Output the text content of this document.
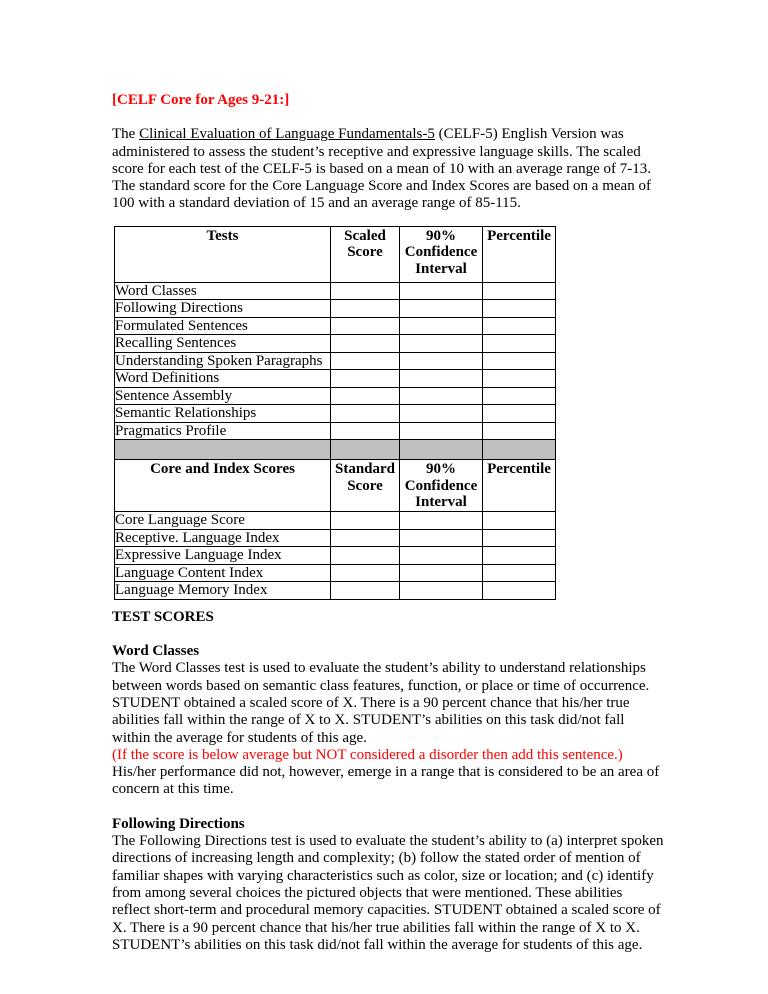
[CELF Core for Ages 9-21:]

The Clinical Evaluation of Language Fundamentals-5 (CELF-5) English Version was administered to assess the student’s receptive and expressive language skills. The scaled score for each test of the CELF-5 is based on a mean of 10 with an average range of 7-13. The standard score for the Core Language Score and Index Scores are based on a mean of 100 with a standard deviation of 15 and an average range of 85-115.

Tests	Scaled Score	90% Confidence Interval	Percentile
Word Classes			
Following Directions			
Formulated Sentences			
Recalling Sentences			
Understanding Spoken Paragraphs			
Word Definitions			
Sentence Assembly			
Semantic Relationships			
Pragmatics Profile			

Core and Index Scores	Standard Score	90% Confidence Interval	Percentile
Core Language Score			
Receptive. Language Index			
Expressive Language Index			
Language Content Index			
Language Memory Index			
TEST SCORES
Word Classes

The Word Classes test is used to evaluate the student’s ability to understand relationships between words based on semantic class features, function, or place or time of occurrence. STUDENT obtained a scaled score of X. There is a 90 percent chance that his/her true abilities fall within the range of X to X. STUDENT’s abilities on this task did/not fall within the average for students of this age.

(If the score is below average but NOT considered a disorder then add this sentence.)

His/her performance did not, however, emerge in a range that is considered to be an area of concern at this time.

Following Directions

The Following Directions test is used to evaluate the student’s ability to (a) interpret spoken directions of increasing length and complexity; (b) follow the stated order of mention of familiar shapes with varying characteristics such as color, size or location; and (c) identify from among several choices the pictured objects that were mentioned. These abilities reflect short-term and procedural memory capacities. STUDENT obtained a scaled score of X. There is a 90 percent chance that his/her true abilities fall within the range of X to X. STUDENT’s abilities on this task did/not fall within the average for students of this age.
